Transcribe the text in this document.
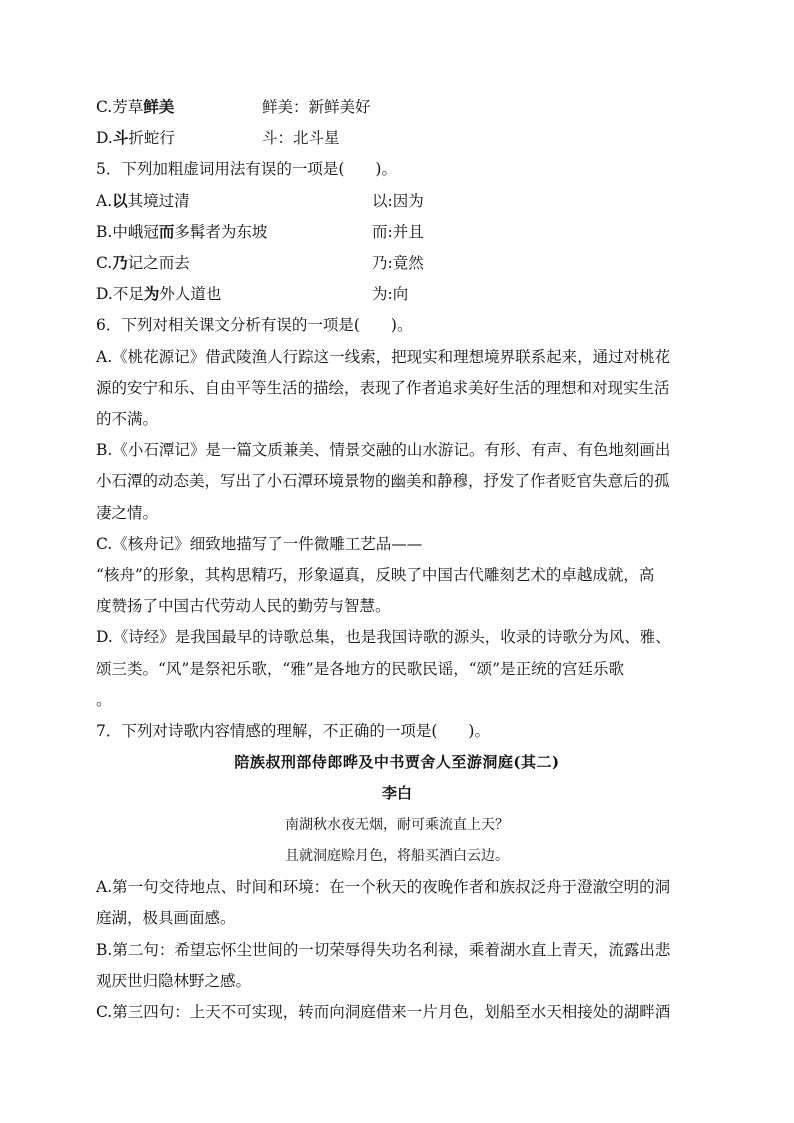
C.芳草鲜美	鲜美：新鲜美好
D.斗折蛇行	斗：北斗星
5．下列加粗虚词用法有误的一项是(　　)。
A.以其境过清	以:因为
B.中峨冠而多髯者为东坡	而:并且
C.乃记之而去	乃:竟然
D.不足为外人道也	为:向
6．下列对相关课文分析有误的一项是(　　)。
A.《桃花源记》借武陵渔人行踪这一线索，把现实和理想境界联系起来，通过对桃花
源的安宁和乐、自由平等生活的描绘，表现了作者追求美好生活的理想和对现实生活
的不满。
B.《小石潭记》是一篇文质兼美、情景交融的山水游记。有形、有声、有色地刻画出
小石潭的动态美，写出了小石潭环境景物的幽美和静穆，抒发了作者贬官失意后的孤
凄之情。
C.《核舟记》细致地描写了一件微雕工艺品——
“核舟”的形象，其构思精巧，形象逼真，反映了中国古代雕刻艺术的卓越成就，高
度赞扬了中国古代劳动人民的勤劳与智慧。
D.《诗经》是我国最早的诗歌总集，也是我国诗歌的源头，收录的诗歌分为风、雅、
颂三类。“风”是祭祀乐歌，“雅”是各地方的民歌民谣，“颂”是正统的宫廷乐歌
。
7．下列对诗歌内容情感的理解，不正确的一项是(　　)。
陪族叔刑部侍郎晔及中书贾舍人至游洞庭(其二)
李白
南湖秋水夜无烟，耐可乘流直上天？
且就洞庭赊月色，将船买酒白云边。
A.第一句交待地点、时间和环境：在一个秋天的夜晚作者和族叔泛舟于澄澈空明的洞
庭湖，极具画面感。
B.第二句：希望忘怀尘世间的一切荣辱得失功名利禄，乘着湖水直上青天，流露出悲
观厌世归隐林野之感。
C.第三四句：上天不可实现，转而向洞庭借来一片月色，划船至水天相接处的湖畔酒
